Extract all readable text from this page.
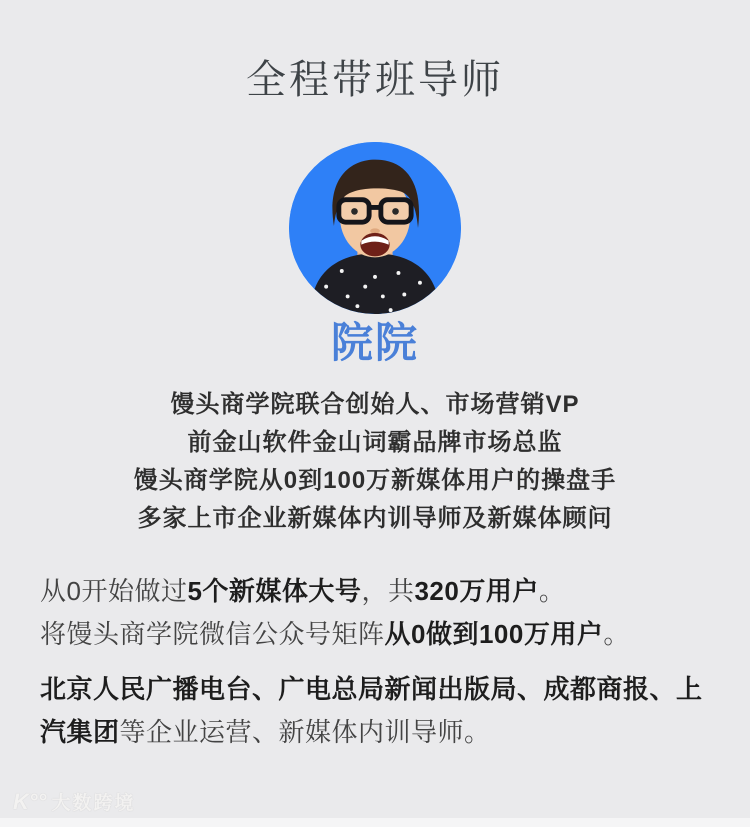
全程带班导师
院院
馒头商学院联合创始人、市场营销VP
前金山软件金山词霸品牌市场总监
馒头商学院从0到100万新媒体用户的操盘手
多家上市企业新媒体内训导师及新媒体顾问

从0开始做过5个新媒体大号，共320万用户。

将馒头商学院微信公众号矩阵从0做到100万用户。

北京人民广播电台、广电总局新闻出版局、成都商报、上汽集团等企业运营、新媒体内训导师。

K°° 大数跨境
